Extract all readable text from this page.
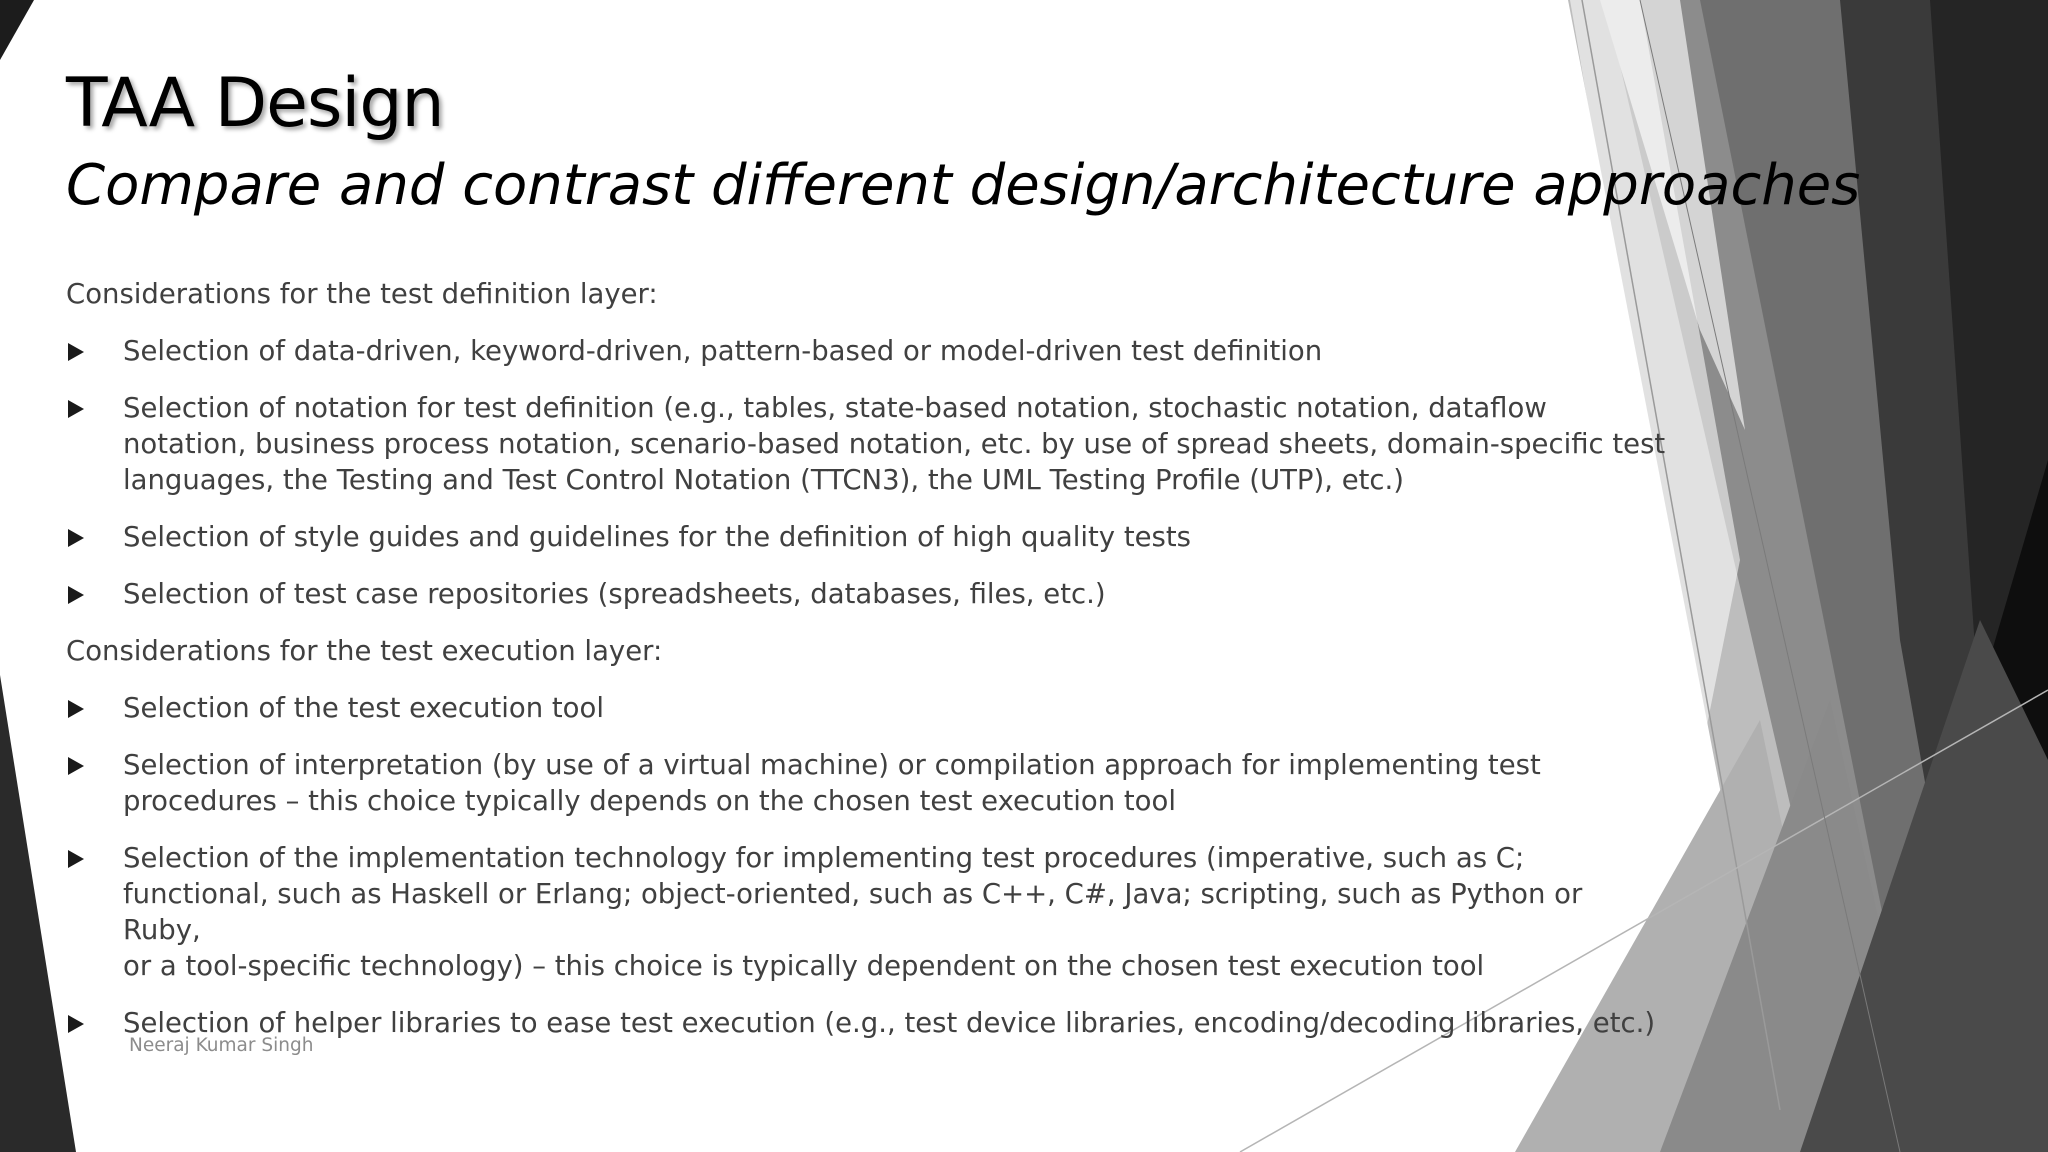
TAA Design
Compare and contrast different design/architecture approaches

Considerations for the test definition layer:

Selection of data-driven, keyword-driven, pattern-based or model-driven test definition
Selection of notation for test definition (e.g., tables, state-based notation, stochastic notation, dataflow
notation, business process notation, scenario-based notation, etc. by use of spread sheets, domain-specific test
languages, the Testing and Test Control Notation (TTCN3), the UML Testing Profile (UTP), etc.)
Selection of style guides and guidelines for the definition of high quality tests
Selection of test case repositories (spreadsheets, databases, files, etc.)

Considerations for the test execution layer:

Selection of the test execution tool
Selection of interpretation (by use of a virtual machine) or compilation approach for implementing test
procedures – this choice typically depends on the chosen test execution tool
Selection of the implementation technology for implementing test procedures (imperative, such as C;
functional, such as Haskell or Erlang; object-oriented, such as C++, C#, Java; scripting, such as Python or Ruby,
or a tool-specific technology) – this choice is typically dependent on the chosen test execution tool
Selection of helper libraries to ease test execution (e.g., test device libraries, encoding/decoding libraries, etc.)
Neeraj Kumar Singh
